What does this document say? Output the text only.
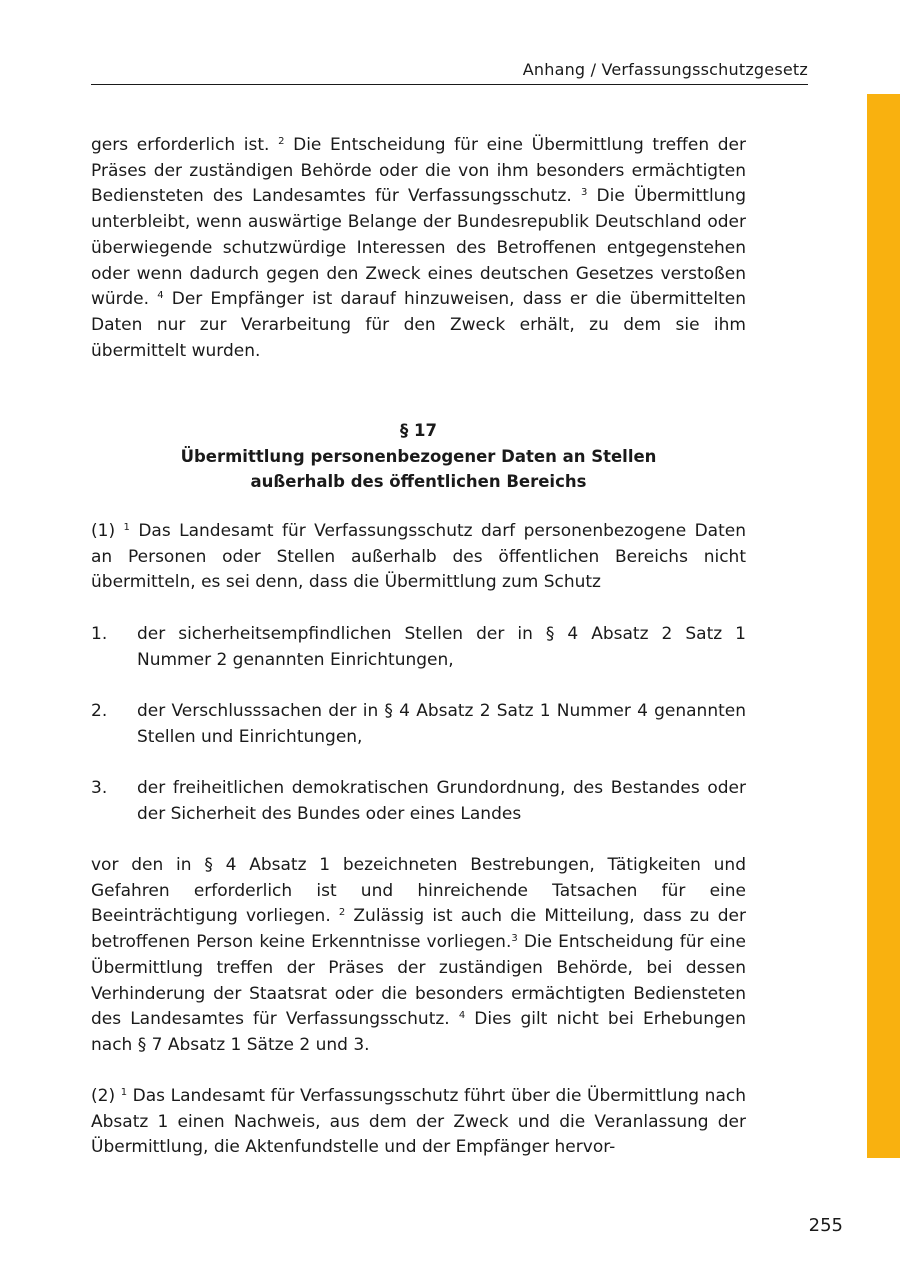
Anhang / Verfassungsschutzgesetz
gers erforderlich ist. $^2$ Die Entscheidung für eine Übermittlung treffen der Präses der zuständigen Behörde oder die von ihm besonders ermächtigten Bediensteten des Landesamtes für Verfassungsschutz. $^3$ Die Übermittlung unterbleibt, wenn auswärtige Belange der Bundesrepublik Deutschland oder überwiegende schutzwürdige Interessen des Betroffenen entgegenstehen oder wenn dadurch gegen den Zweck eines deutschen Gesetzes verstoßen würde. $^4$ Der Empfänger ist darauf hinzuweisen, dass er die übermittelten Daten nur zur Verarbeitung für den Zweck erhält, zu dem sie ihm übermittelt wurden.
§ 17
Übermittlung personenbezogener Daten an Stellen
außerhalb des öffentlichen Bereichs
(1) $^1$ Das Landesamt für Verfassungsschutz darf personenbezogene Daten an Personen oder Stellen außerhalb des öffentlichen Bereichs nicht übermitteln, es sei denn, dass die Übermittlung zum Schutz
1.	der sicherheitsempfindlichen Stellen der in § 4 Absatz 2 Satz 1 Nummer 2 genannten Einrichtungen,
2.	der Verschlusssachen der in § 4 Absatz 2 Satz 1 Nummer 4 genannten Stellen und Einrichtungen,
3.	der freiheitlichen demokratischen Grundordnung, des Bestandes oder der Sicherheit des Bundes oder eines Landes
vor den in § 4 Absatz 1 bezeichneten Bestrebungen, Tätigkeiten und Gefahren erforderlich ist und hinreichende Tatsachen für eine Beeinträchtigung vorliegen. $^2$ Zulässig ist auch die Mitteilung, dass zu der betroffenen Person keine Erkenntnisse vorliegen.$^3$ Die Entscheidung für eine Übermittlung treffen der Präses der zuständigen Behörde, bei dessen Verhinderung der Staatsrat oder die besonders ermächtigten Bediensteten des Landesamtes für Verfassungsschutz. $^4$ Dies gilt nicht bei Erhebungen nach § 7 Absatz 1 Sätze 2 und 3.
(2) $^1$ Das Landesamt für Verfassungsschutz führt über die Übermittlung nach Absatz 1 einen Nachweis, aus dem der Zweck und die Veranlassung der Übermittlung, die Aktenfundstelle und der Empfänger hervor-
255
